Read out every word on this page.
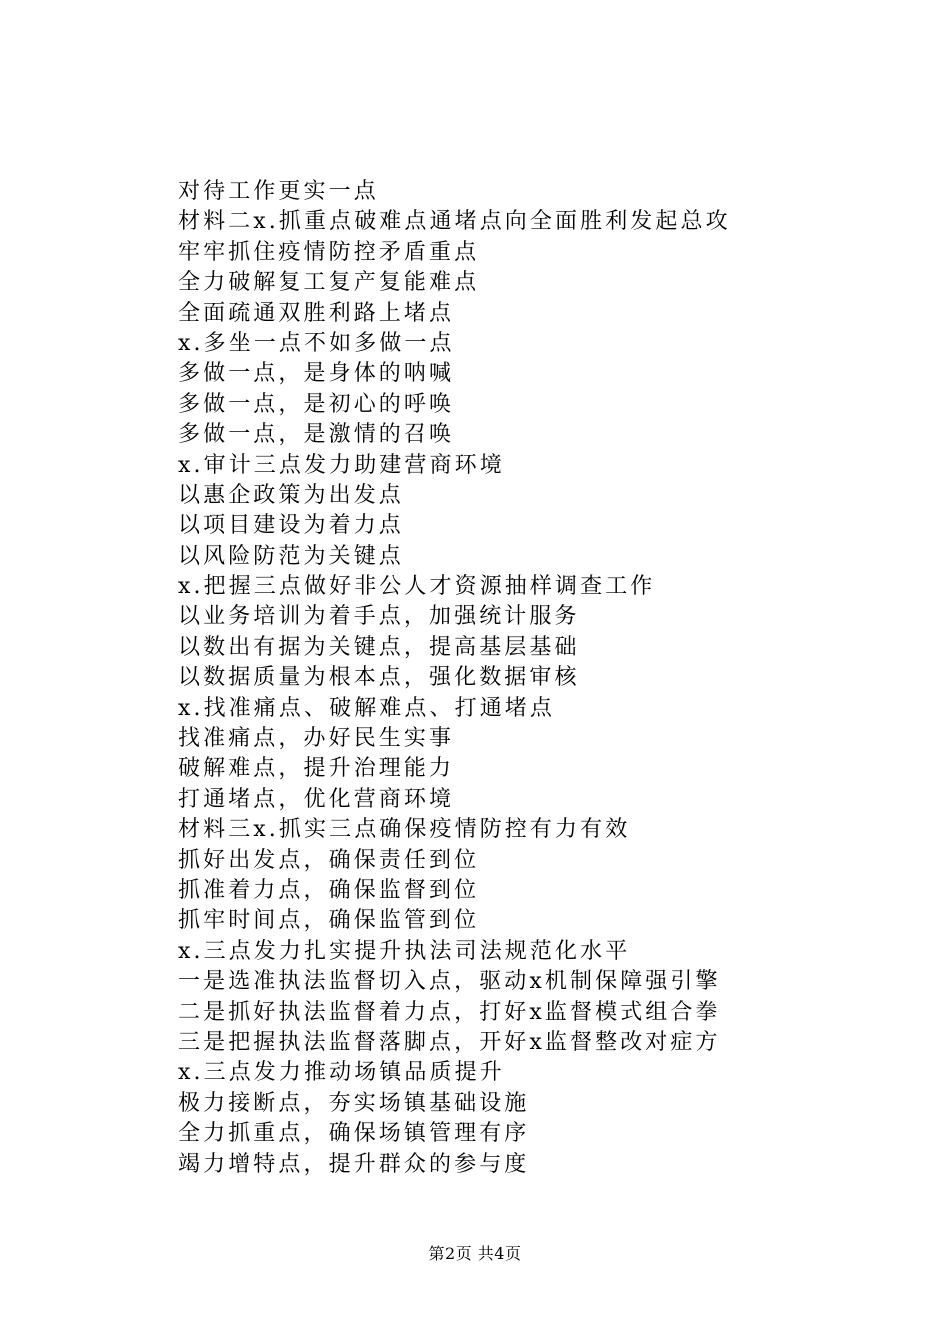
对待工作更实一点
材料二x.抓重点破难点通堵点向全面胜利发起总攻
牢牢抓住疫情防控矛盾重点
全力破解复工复产复能难点
全面疏通双胜利路上堵点
x.多坐一点不如多做一点
多做一点，是身体的呐喊
多做一点，是初心的呼唤
多做一点，是激情的召唤
x.审计三点发力助建营商环境
以惠企政策为出发点
以项目建设为着力点
以风险防范为关键点
x.把握三点做好非公人才资源抽样调查工作
以业务培训为着手点，加强统计服务
以数出有据为关键点，提高基层基础
以数据质量为根本点，强化数据审核
x.找准痛点、破解难点、打通堵点
找准痛点，办好民生实事
破解难点，提升治理能力
打通堵点，优化营商环境
材料三x.抓实三点确保疫情防控有力有效
抓好出发点，确保责任到位
抓准着力点，确保监督到位
抓牢时间点，确保监管到位
x.三点发力扎实提升执法司法规范化水平
一是选准执法监督切入点，驱动x机制保障强引擎
二是抓好执法监督着力点，打好x监督模式组合拳
三是把握执法监督落脚点，开好x监督整改对症方
x.三点发力推动场镇品质提升
极力接断点，夯实场镇基础设施
全力抓重点，确保场镇管理有序
竭力增特点，提升群众的参与度
第2页 共4页
